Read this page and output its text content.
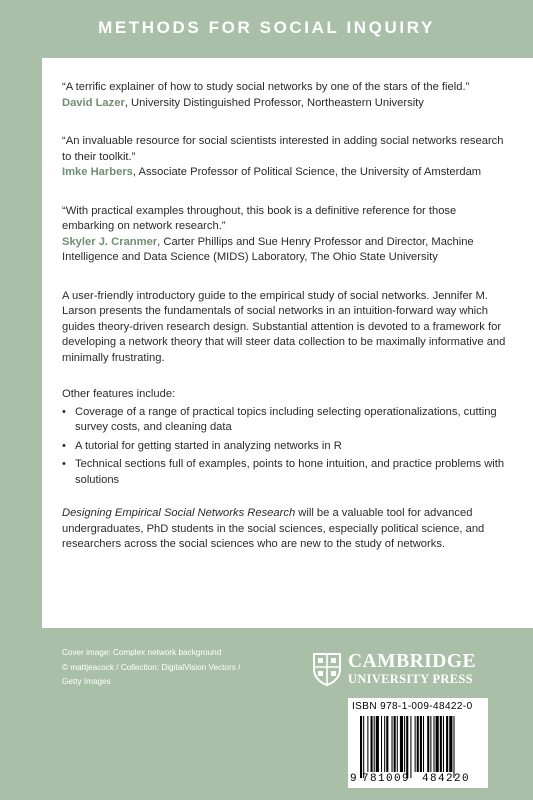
METHODS FOR SOCIAL INQUIRY

“A terrific explainer of how to study social networks by one of the stars of the field.”

David Lazer, University Distinguished Professor, Northeastern University

“An invaluable resource for social scientists interested in adding social networks research to their toolkit.”

Imke Harbers, Associate Professor of Political Science, the University of Amsterdam

“With practical examples throughout, this book is a definitive reference for those embarking on network research.”

Skyler J. Cranmer, Carter Phillips and Sue Henry Professor and Director, Machine Intelligence and Data Science (MIDS) Laboratory, The Ohio State University

A user-friendly introductory guide to the empirical study of social networks. Jennifer M. Larson presents the fundamentals of social networks in an intuition-forward way which guides theory-driven research design. Substantial attention is devoted to a framework for developing a network theory that will steer data collection to be maximally informative and minimally frustrating.

Other features include:

• Coverage of a range of practical topics including selecting operationalizations, cutting survey costs, and cleaning data
• A tutorial for getting started in analyzing networks in R
• Technical sections full of examples, points to hone intuition, and practice problems with solutions

Designing Empirical Social Networks Research will be a valuable tool for advanced undergraduates, PhD students in the social sciences, especially political science, and researchers across the social sciences who are new to the study of networks.

Cover image: Complex network background
© mattjeacock / Collection: DigitalVision Vectors /
Getty Images
CAMBRIDGE
UNIVERSITY PRESS
ISBN 978-1-009-48422-0
9 781009 484220
